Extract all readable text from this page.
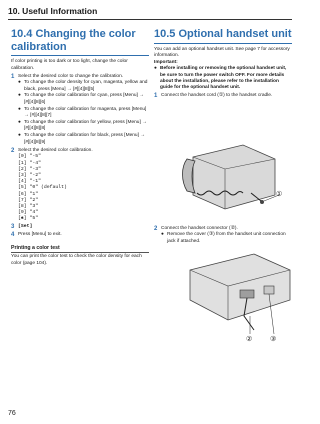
10. Useful Information
10.4 Changing the color calibration

If color printing is too dark or too light, change the color calibration.

1 Select the desired color to change the calibration.
● To change the color density for cyan, magenta, yellow and black, press [Menu] → [#][4][8][5]
● To change the color calibration for cyan, press [Menu] → [#][4][8][6]
● To change the color calibration for magenta, press [Menu] → [#][4][8][7]
● To change the color calibration for yellow, press [Menu] → [#][4][8][8]
● To change the color calibration for black, press [Menu] → [#][4][8][9]
2 Select the desired color calibration.
[0] "-5"
[1] "-4"
[2] "-3"
[3] "-2"
[4] "-1"
[5] "0" (default)
[6] "1"
[7] "2"
[8] "3"
[9] "4"
[✱] "5"
3 [Set]
4 Press [Menu] to exit.
Printing a color test

You can print the color test to check the color density for each color (page 104).

10.5 Optional handset unit

You can add an optional handset unit. See page 7 for accessory information.

Important:
● Before installing or removing the optional handset unit, be sure to turn the power switch OFF. For more details about the installation, please refer to the installation guide for the optional handset unit.
1 Connect the handset cord (①) to the handset cradle.
①
2 Connect the handset connector (②).
● Remove the cover (③) from the handset unit connection jack if attached.
②	③
76
